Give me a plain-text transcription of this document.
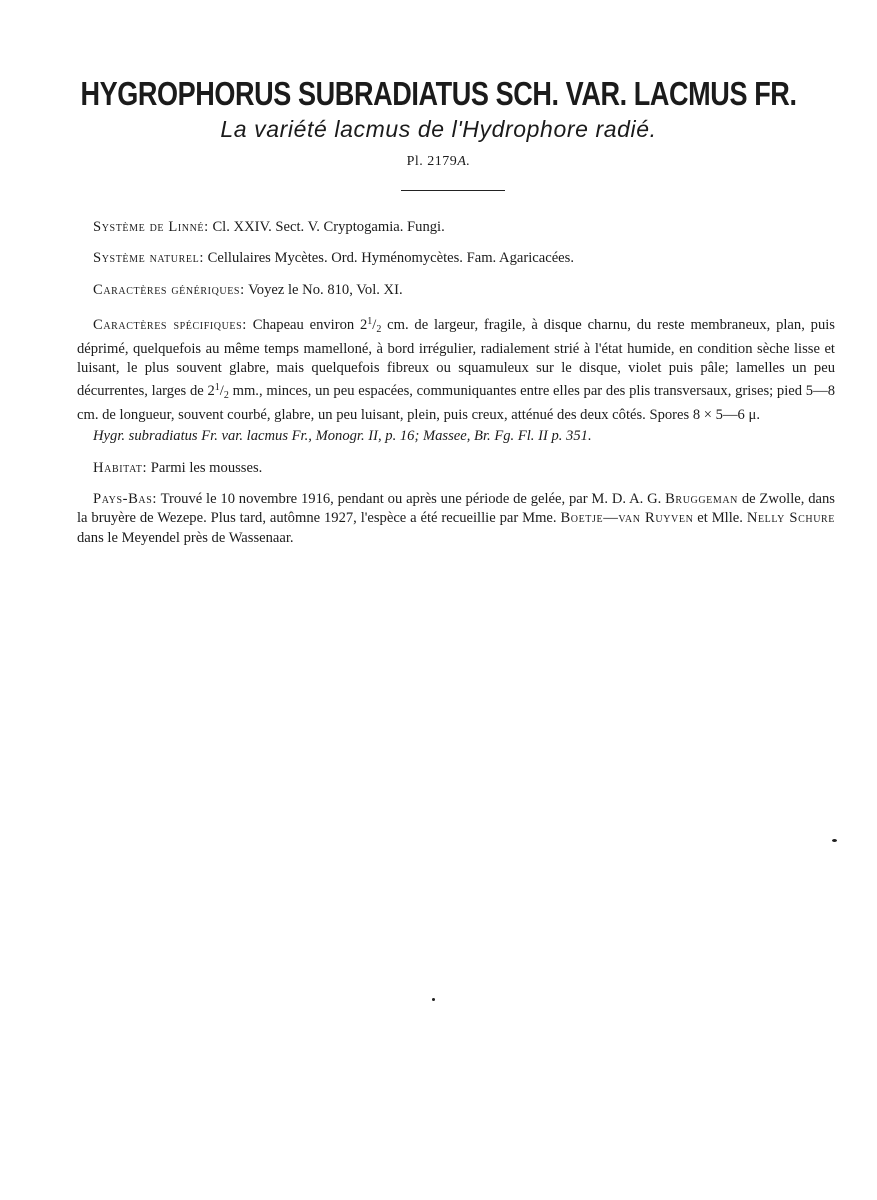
HYGROPHORUS SUBRADIATUS SCH. VAR. LACMUS FR.

La variété lacmus de l'Hydrophore radié.

Pl. 2179A.

Système de Linné: Cl. XXIV. Sect. V. Cryptogamia. Fungi.

Système naturel: Cellulaires Mycètes. Ord. Hyménomycètes. Fam. Agaricacées.

Caractères génériques: Voyez le No. 810, Vol. XI.

Caractères spécifiques: Chapeau environ $2^1/_2$ cm. de largeur, fragile, à disque charnu, du reste membraneux, plan, puis déprimé, quelquefois au même temps mamelloné, à bord irrégulier, radialement strié à l'état humide, en condition sèche lisse et luisant, le plus souvent glabre, mais quelquefois fibreux ou squamuleux sur le disque, violet puis pâle; lamelles un peu décurrentes, larges de $2^1/_2$ mm., minces, un peu espacées, communiquantes entre elles par des plis transversaux, grises; pied 5—8 cm. de longueur, souvent courbé, glabre, un peu luisant, plein, puis creux, atténué des deux côtés. Spores 8 × 5—6 μ.

Hygr. subradiatus Fr. var. lacmus Fr., Monogr. II, p. 16; Massee, Br. Fg. Fl. II p. 351.

Habitat: Parmi les mousses.

Pays-Bas: Trouvé le 10 novembre 1916, pendant ou après une période de gelée, par M. D. A. G. Bruggeman de Zwolle, dans la bruyère de Wezepe. Plus tard, autômne 1927, l'espèce a été recueillie par Mme. Boetje—van Ruyven et Mlle. Nelly Schure dans le Meyendel près de Wassenaar.
